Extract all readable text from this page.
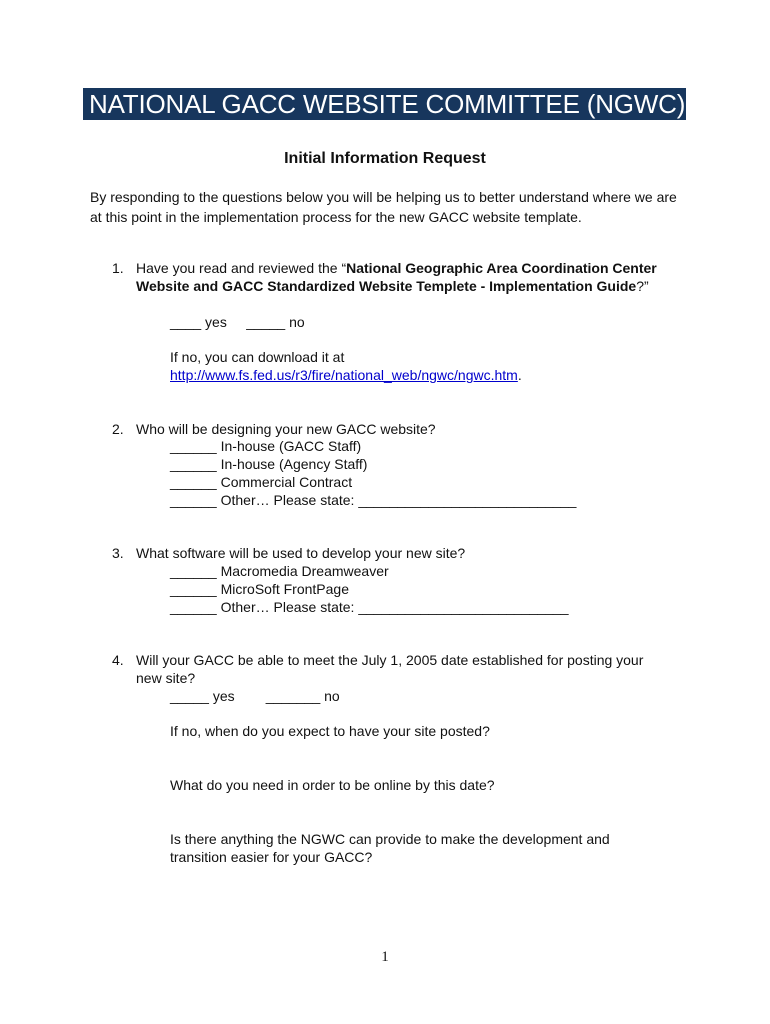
NATIONAL GACC WEBSITE COMMITTEE (NGWC)
Initial Information Request
By responding to the questions below you will be helping us to better understand where we are at this point in the implementation process for the new GACC website template.
1. Have you read and reviewed the “National Geographic Area Coordination Center Website and GACC Standardized Website Templete - Implementation Guide?”
____ yes     _____ no
If no, you can download it at
http://www.fs.fed.us/r3/fire/national_web/ngwc/ngwc.htm.
2. Who will be designing your new GACC website?
______ In-house (GACC Staff)
______ In-house (Agency Staff)
______ Commercial Contract
______ Other… Please state: ____________________________
3. What software will be used to develop your new site?
______ Macromedia Dreamweaver
______ MicroSoft FrontPage
______ Other… Please state: ___________________________
4. Will your GACC be able to meet the July 1, 2005 date established for posting your new site?
_____ yes        _______ no
If no, when do you expect to have your site posted?
What do you need in order to be online by this date?
Is there anything the NGWC can provide to make the development and transition easier for your GACC?
1
